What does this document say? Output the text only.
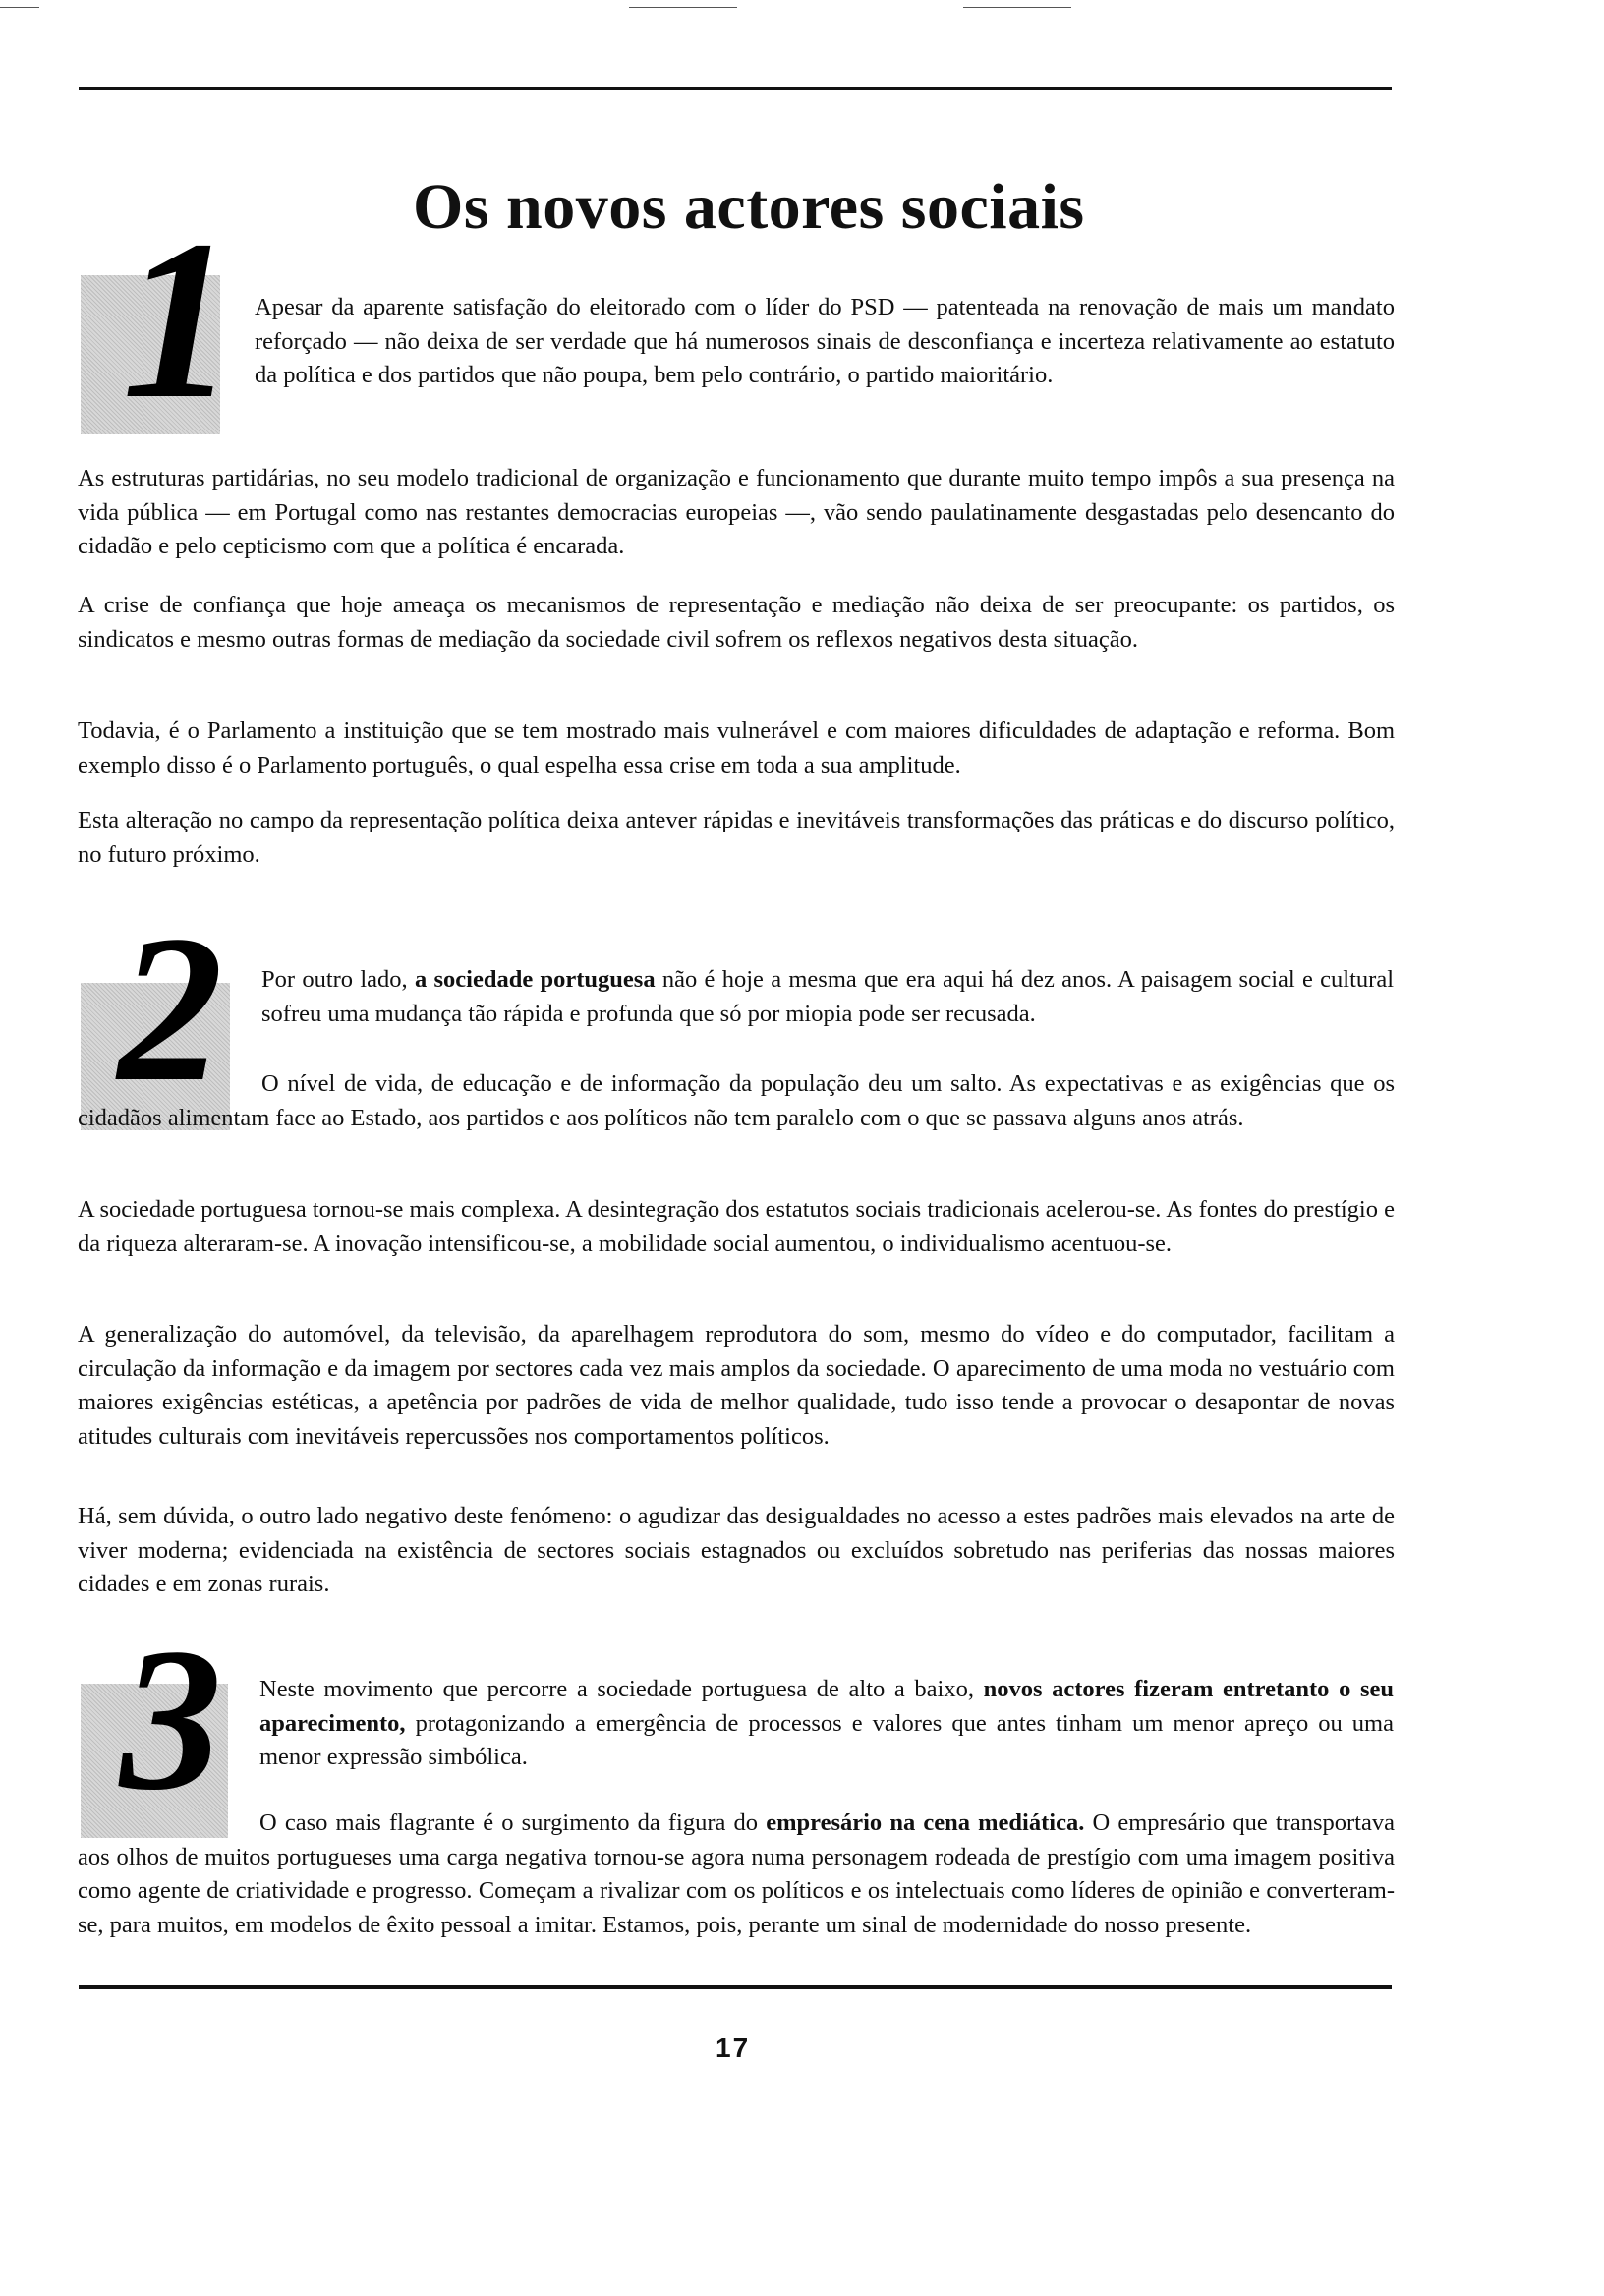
Os novos actores sociais
1 Apesar da aparente satisfação do eleitorado com o líder do PSD — patenteada na renovação de mais um mandato reforçado — não deixa de ser verdade que há numerosos sinais de desconfiança e incerteza relativamente ao estatuto da política e dos partidos que não poupa, bem pelo contrário, o partido maioritário.

As estruturas partidárias, no seu modelo tradicional de organização e funcionamento que durante muito tempo impôs a sua presença na vida pública — em Portugal como nas restantes democracias europeias —, vão sendo paulatinamente desgastadas pelo desencanto do cidadão e pelo cepticismo com que a política é encarada.

A crise de confiança que hoje ameaça os mecanismos de representação e mediação não deixa de ser preocupante: os partidos, os sindicatos e mesmo outras formas de mediação da sociedade civil sofrem os reflexos negativos desta situação.

Todavia, é o Parlamento a instituição que se tem mostrado mais vulnerável e com maiores dificuldades de adaptação e reforma. Bom exemplo disso é o Parlamento português, o qual espelha essa crise em toda a sua amplitude.

Esta alteração no campo da representação política deixa antever rápidas e inevitáveis transformações das práticas e do discurso político, no futuro próximo.

2 Por outro lado, a sociedade portuguesa não é hoje a mesma que era aqui há dez anos. A paisagem social e cultural sofreu uma mudança tão rápida e profunda que só por miopia pode ser recusada.

O nível de vida, de educação e de informação da população deu um salto. As expectativas e as exigências que os cidadãos alimentam face ao Estado, aos partidos e aos políticos não tem paralelo com o que se passava alguns anos atrás.

A sociedade portuguesa tornou-se mais complexa. A desintegração dos estatutos sociais tradicionais acelerou-se. As fontes do prestígio e da riqueza alteraram-se. A inovação intensificou-se, a mobilidade social aumentou, o individualismo acentuou-se.

A generalização do automóvel, da televisão, da aparelhagem reprodutora do som, mesmo do vídeo e do computador, facilitam a circulação da informação e da imagem por sectores cada vez mais amplos da sociedade. O aparecimento de uma moda no vestuário com maiores exigências estéticas, a apetência por padrões de vida de melhor qualidade, tudo isso tende a provocar o desapontar de novas atitudes culturais com inevitáveis repercussões nos comportamentos políticos.

Há, sem dúvida, o outro lado negativo deste fenómeno: o agudizar das desigualdades no acesso a estes padrões mais elevados na arte de viver moderna; evidenciada na existência de sectores sociais estagnados ou excluídos sobretudo nas periferias das nossas maiores cidades e em zonas rurais.

3 Neste movimento que percorre a sociedade portuguesa de alto a baixo, novos actores fizeram entretanto o seu aparecimento, protagonizando a emergência de processos e valores que antes tinham um menor apreço ou uma menor expressão simbólica.

O caso mais flagrante é o surgimento da figura do empresário na cena mediática. O empresário que transportava aos olhos de muitos portugueses uma carga negativa tornou-se agora numa personagem rodeada de prestígio com uma imagem positiva como agente de criatividade e progresso. Começam a rivalizar com os políticos e os intelectuais como líderes de opinião e converteram-se, para muitos, em modelos de êxito pessoal a imitar. Estamos, pois, perante um sinal de modernidade do nosso presente.

17
